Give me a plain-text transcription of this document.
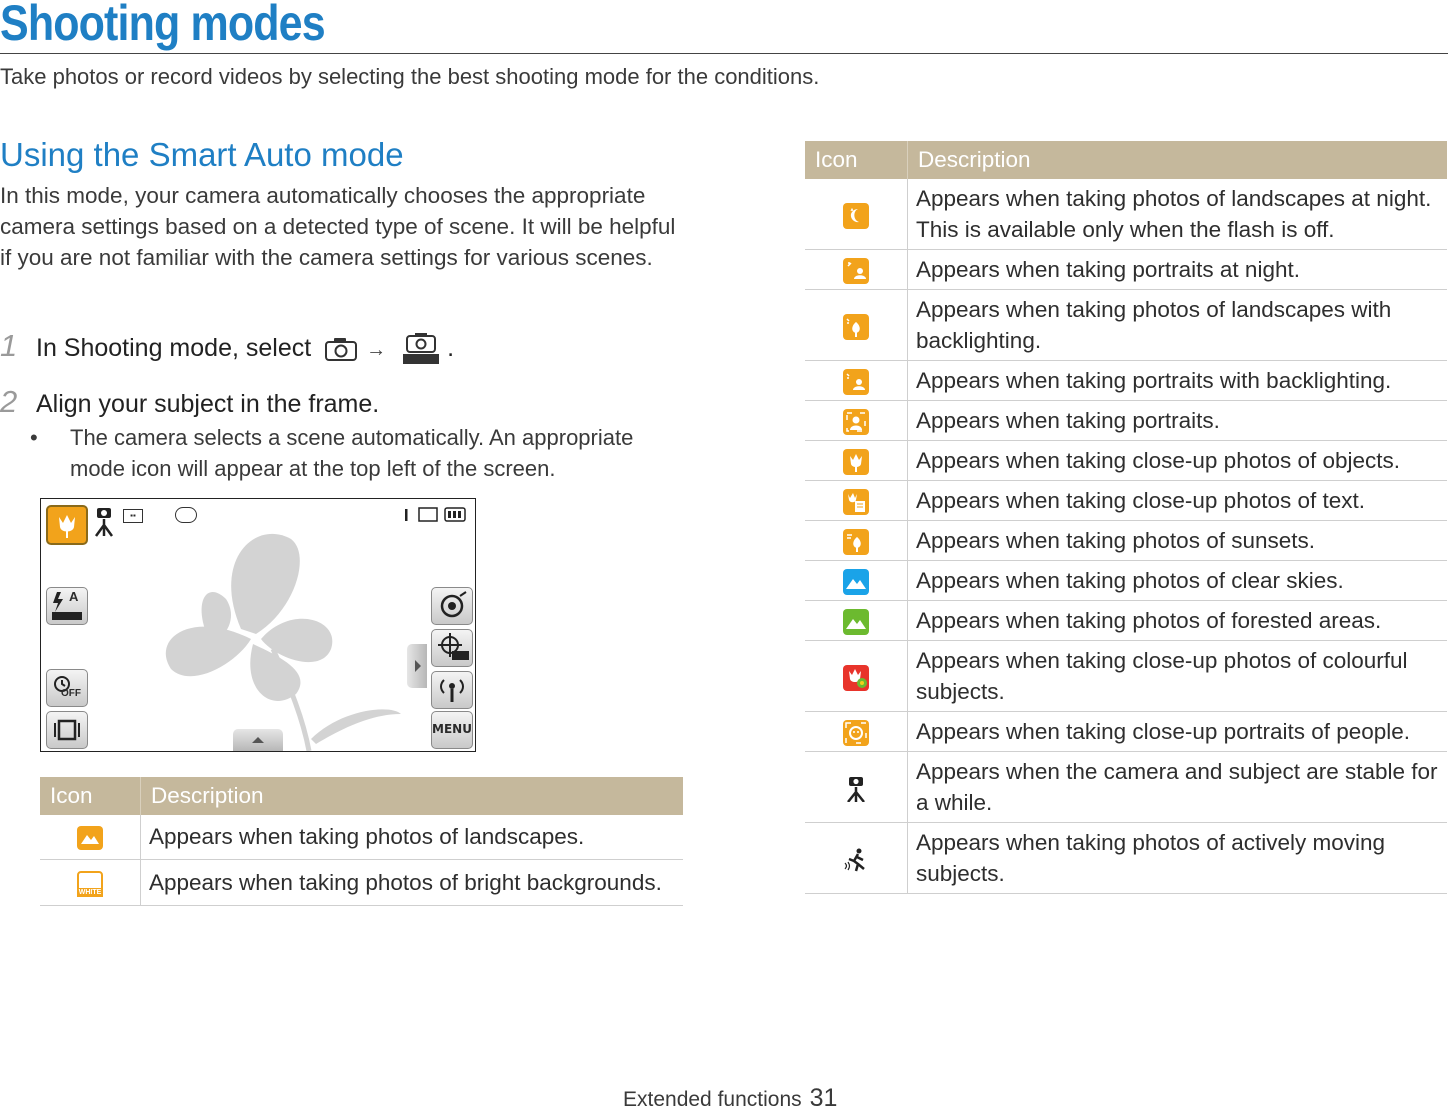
Shooting modes
Take photos or record videos by selecting the best shooting mode for the conditions.
Using the Smart Auto mode
In this mode, your camera automatically chooses the appropriate camera settings based on a detected type of scene. It will be helpful if you are not familiar with the camera settings for various scenes.
1 In Shooting mode, select	→ .
2 Align your subject in the frame.
• The camera selects a scene automatically. An appropriate mode icon will appear at the top left of the screen.
▪▪
A
OFF
MENU
Icon	Description

	Appears when taking photos of landscapes.

WHITE	Appears when taking photos of bright backgrounds.
Icon	Description

	Appears when taking photos of landscapes at night. This is available only when the flash is off.

	Appears when taking portraits at night.

	Appears when taking photos of landscapes with backlighting.

	Appears when taking portraits with backlighting.

	Appears when taking portraits.

	Appears when taking close-up photos of objects.

	Appears when taking close-up photos of text.

	Appears when taking photos of sunsets.

	Appears when taking photos of clear skies.

	Appears when taking photos of forested areas.

	Appears when taking close-up photos of colourful subjects.

	Appears when taking close-up portraits of people.

	Appears when the camera and subject are stable for a while.

	Appears when taking photos of actively moving subjects.
Extended functions 31
